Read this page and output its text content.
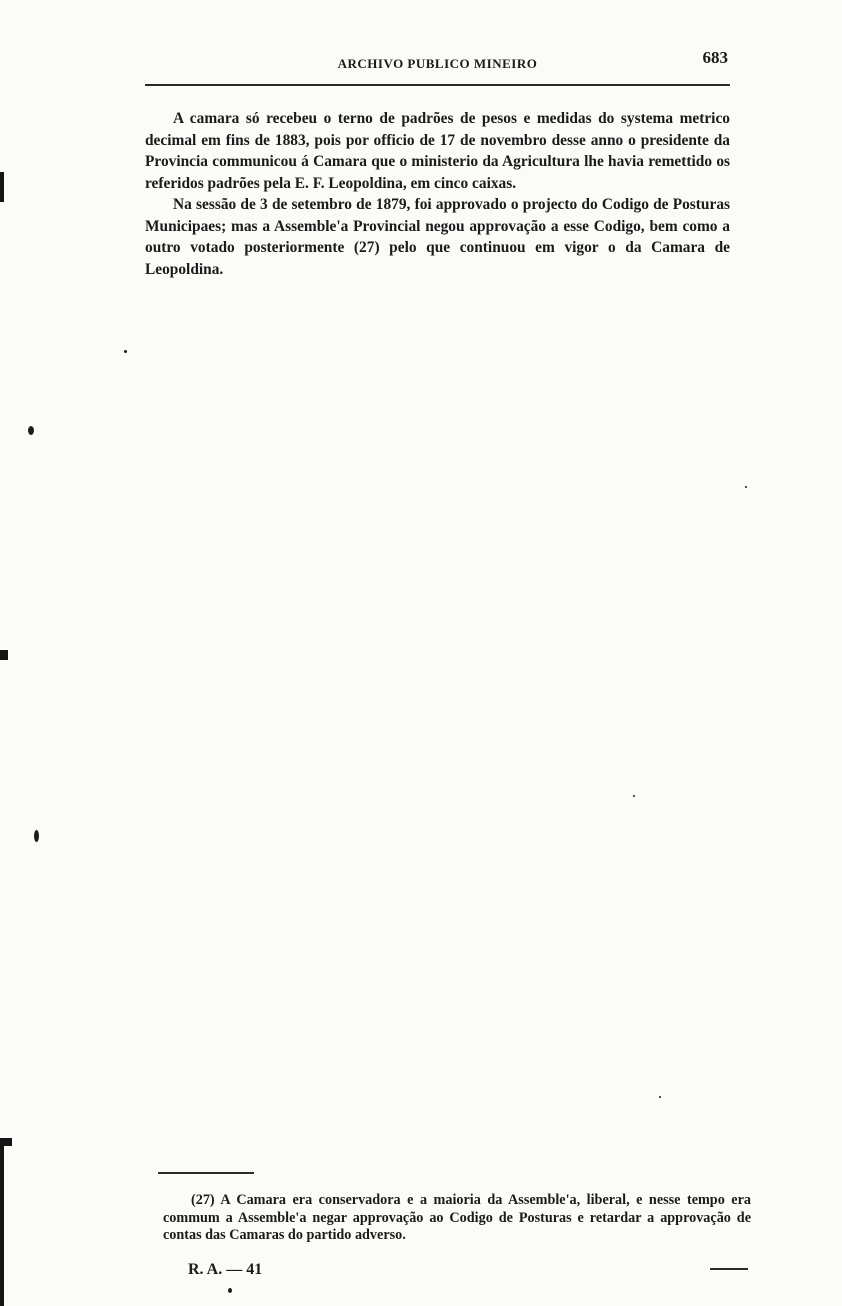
ARCHIVO PUBLICO MINEIRO	683

A camara só recebeu o terno de padrões de pesos e medidas do systema metrico decimal em fins de 1883, pois por officio de 17 de novembro desse anno o presidente da Provincia communicou á Camara que o ministerio da Agricultura lhe havia remettido os referidos padrões pela E. F. Leopoldina, em cinco caixas.

Na sessão de 3 de setembro de 1879, foi approvado o projecto do Codigo de Posturas Municipaes; mas a Assemble'a Provincial negou approvação a esse Codigo, bem como a outro votado posteriormente (27) pelo que continuou em vigor o da Camara de Leopoldina.

(27) A Camara era conservadora e a maioria da Assemble'a, liberal, e nesse tempo era commum a Assemble'a negar approvação ao Codigo de Posturas e retardar a approvação de contas das Camaras do partido adverso.

R. A. — 41
